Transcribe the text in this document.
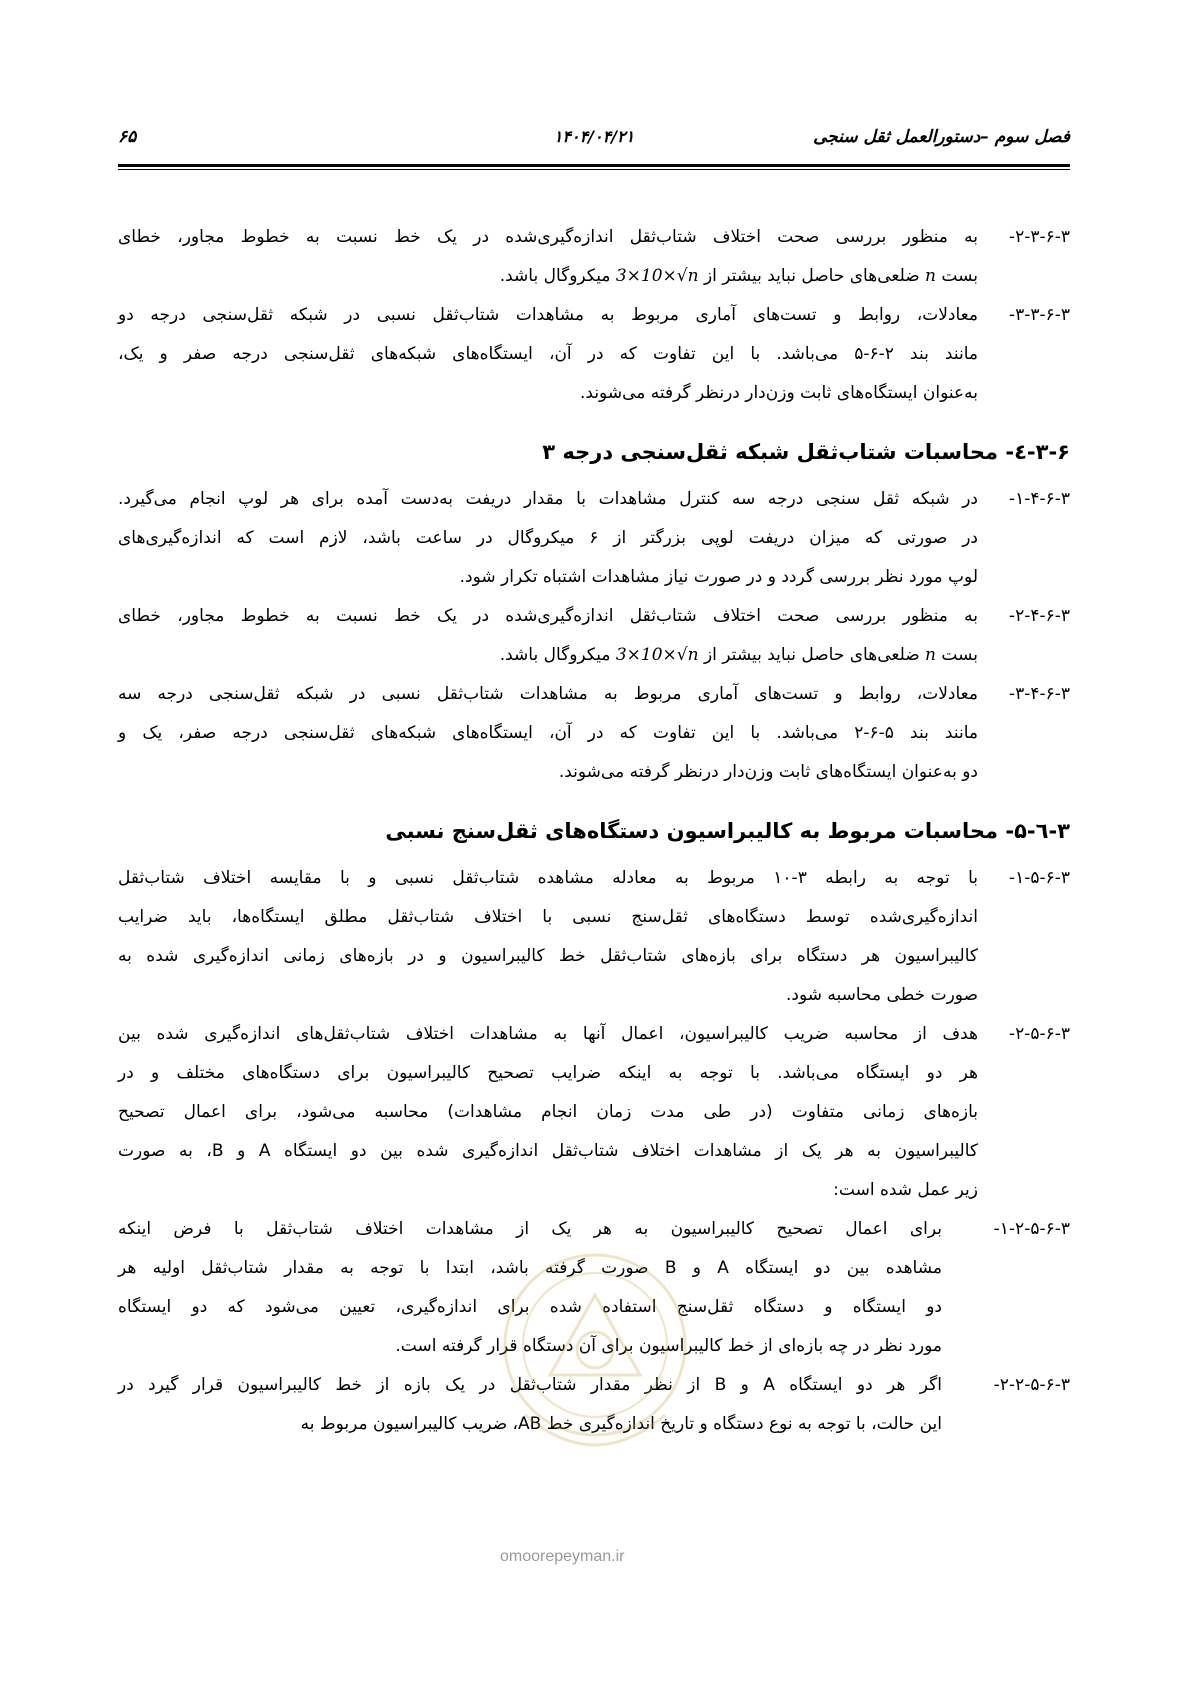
۶۵	۱۴۰۴/۰۴/۲۱	فصل سوم –دستورالعمل ثقل سنجی
۲-۳-۶-۳-
به منظور بررسی صحت اختلاف شتاب‌ثقل اندازه‌گیری‌شده در یک خط نسبت به خطوط مجاور، خطای
بست n ضلعی‌های حاصل نباید بیشتر از 3×10×√n میکروگال باشد.
۳-۳-۶-۳-
معادلات، روابط و تست‌های آماری مربوط به مشاهدات شتاب‌ثقل نسبی در شبکه ثقل‌سنجی درجه دو
مانند بند ۲-۶-۵ می‌باشد. با این تفاوت که در آن، ایستگاه‌های شبکه‌های ثقل‌سنجی درجه صفر و یک،
به‌عنوان ایستگاه‌های ثابت وزن‌دار درنظر گرفته می‌شوند.
۳-۶-٤- محاسبات شتاب‌ثقل شبکه ثقل‌سنجی درجه ۳
۱-۴-۶-۳-
در شبکه ثقل سنجی درجه سه کنترل مشاهدات با مقدار دریفت به‌دست آمده برای هر لوپ انجام می‌گیرد.
در صورتی که میزان دریفت لوپی بزرگتر از ۶ میکروگال در ساعت باشد، لازم است که اندازه‌گیری‌های
لوپ مورد نظر بررسی گردد و در صورت نیاز مشاهدات اشتباه تکرار شود.
۲-۴-۶-۳-
به منظور بررسی صحت اختلاف شتاب‌ثقل اندازه‌گیری‌شده در یک خط نسبت به خطوط مجاور، خطای
بست n ضلعی‌های حاصل نباید بیشتر از 3×10×√n میکروگال باشد.
۳-۴-۶-۳-
معادلات، روابط و تست‌های آماری مربوط به مشاهدات شتاب‌ثقل نسبی در شبکه ثقل‌سنجی درجه سه
مانند بند ۵-۶-۲ می‌باشد. با این تفاوت که در آن، ایستگاه‌های شبکه‌های ثقل‌سنجی درجه صفر، یک و
دو به‌عنوان ایستگاه‌های ثابت وزن‌دار درنظر گرفته می‌شوند.
۳-٦-۵- محاسبات مربوط به کالیبراسیون دستگاه‌های ثقل‌سنج نسبی
۱-۵-۶-۳-
با توجه به رابطه ۳-۱۰ مربوط به معادله مشاهده شتاب‌ثقل نسبی و با مقایسه اختلاف شتاب‌ثقل
اندازه‌گیری‌شده توسط دستگاه‌های ثقل‌سنج نسبی با اختلاف شتاب‌ثقل مطلق ایستگاه‌ها، باید ضرایب
کالیبراسیون هر دستگاه برای بازه‌های شتاب‌ثقل خط کالیبراسیون و در بازه‌های زمانی اندازه‌گیری شده به
صورت خطی محاسبه شود.
۲-۵-۶-۳-
هدف از محاسبه ضریب کالیبراسیون، اعمال آنها به مشاهدات اختلاف شتاب‌ثقل‌های اندازه‌گیری شده بین
هر دو ایستگاه می‌باشد. با توجه به اینکه ضرایب تصحیح کالیبراسیون برای دستگاه‌های مختلف و در
بازه‌های زمانی متفاوت (در طی مدت زمان انجام مشاهدات) محاسبه می‌شود، برای اعمال تصحیح
کالیبراسیون به هر یک از مشاهدات اختلاف شتاب‌ثقل اندازه‌گیری شده بین دو ایستگاه A و B، به صورت
زیر عمل شده است:
۱-۲-۵-۶-۳-
برای اعمال تصحیح کالیبراسیون به هر یک از مشاهدات اختلاف شتاب‌ثقل با فرض اینکه
مشاهده بین دو ایستگاه A و B صورت گرفته باشد، ابتدا با توجه به مقدار شتاب‌ثقل اولیه هر
دو ایستگاه و دستگاه ثقل‌سنج استفاده شده برای اندازه‌گیری، تعیین می‌شود که دو ایستگاه
مورد نظر در چه بازه‌ای از خط کالیبراسیون برای آن دستگاه قرار گرفته است.
۲-۲-۵-۶-۳-
اگر هر دو ایستگاه A و B از نظر مقدار شتاب‌ثقل در یک بازه از خط کالیبراسیون قرار گیرد در
این حالت، با توجه به نوع دستگاه و تاریخ اندازه‌گیری خط AB، ضریب کالیبراسیون مربوط به
omoorepeyman.ir
